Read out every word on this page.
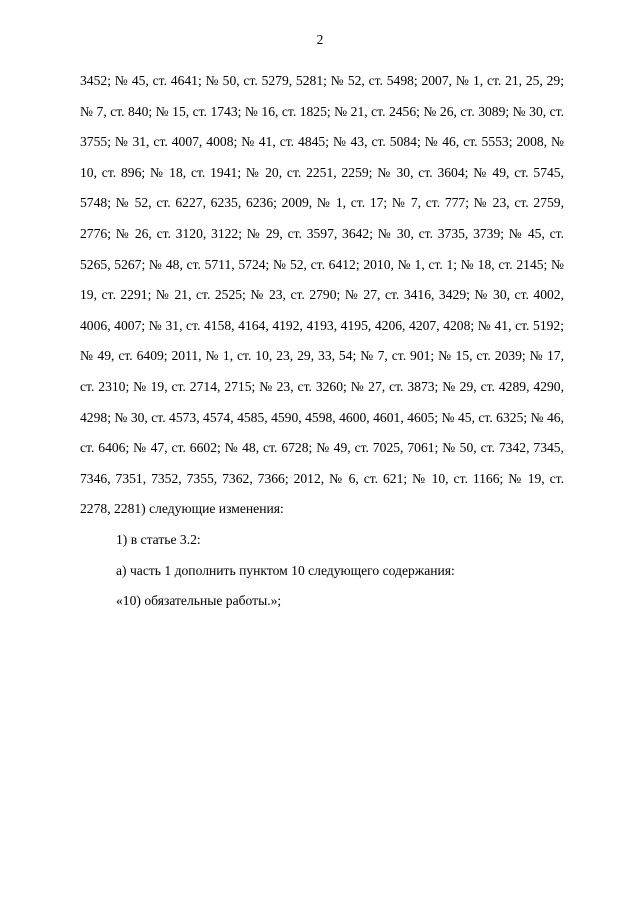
2

3452; № 45, ст. 4641; № 50, ст. 5279, 5281; № 52, ст. 5498; 2007, № 1, ст. 21, 25, 29; № 7, ст. 840; № 15, ст. 1743; № 16, ст. 1825; № 21, ст. 2456; № 26, ст. 3089; № 30, ст. 3755; № 31, ст. 4007, 4008; № 41, ст. 4845; № 43, ст. 5084; № 46, ст. 5553; 2008, № 10, ст. 896; № 18, ст. 1941; № 20, ст. 2251, 2259; № 30, ст. 3604; № 49, ст. 5745, 5748; № 52, ст. 6227, 6235, 6236; 2009, № 1, ст. 17; № 7, ст. 777; № 23, ст. 2759, 2776; № 26, ст. 3120, 3122; № 29, ст. 3597, 3642; № 30, ст. 3735, 3739; № 45, ст. 5265, 5267; № 48, ст. 5711, 5724; № 52, ст. 6412; 2010, № 1, ст. 1; № 18, ст. 2145; № 19, ст. 2291; № 21, ст. 2525; № 23, ст. 2790; № 27, ст. 3416, 3429; № 30, ст. 4002, 4006, 4007; № 31, ст. 4158, 4164, 4192, 4193, 4195, 4206, 4207, 4208; № 41, ст. 5192; № 49, ст. 6409; 2011, № 1, ст. 10, 23, 29, 33, 54; № 7, ст. 901; № 15, ст. 2039; № 17, ст. 2310; № 19, ст. 2714, 2715; № 23, ст. 3260; № 27, ст. 3873; № 29, ст. 4289, 4290, 4298; № 30, ст. 4573, 4574, 4585, 4590, 4598, 4600, 4601, 4605; № 45, ст. 6325; № 46, ст. 6406; № 47, ст. 6602; № 48, ст. 6728; № 49, ст. 7025, 7061; № 50, ст. 7342, 7345, 7346, 7351, 7352, 7355, 7362, 7366; 2012, № 6, ст. 621; № 10, ст. 1166; № 19, ст. 2278, 2281) следующие изменения:

1) в статье 3.2:

а) часть 1 дополнить пунктом 10 следующего содержания:

«10) обязательные работы.»;
